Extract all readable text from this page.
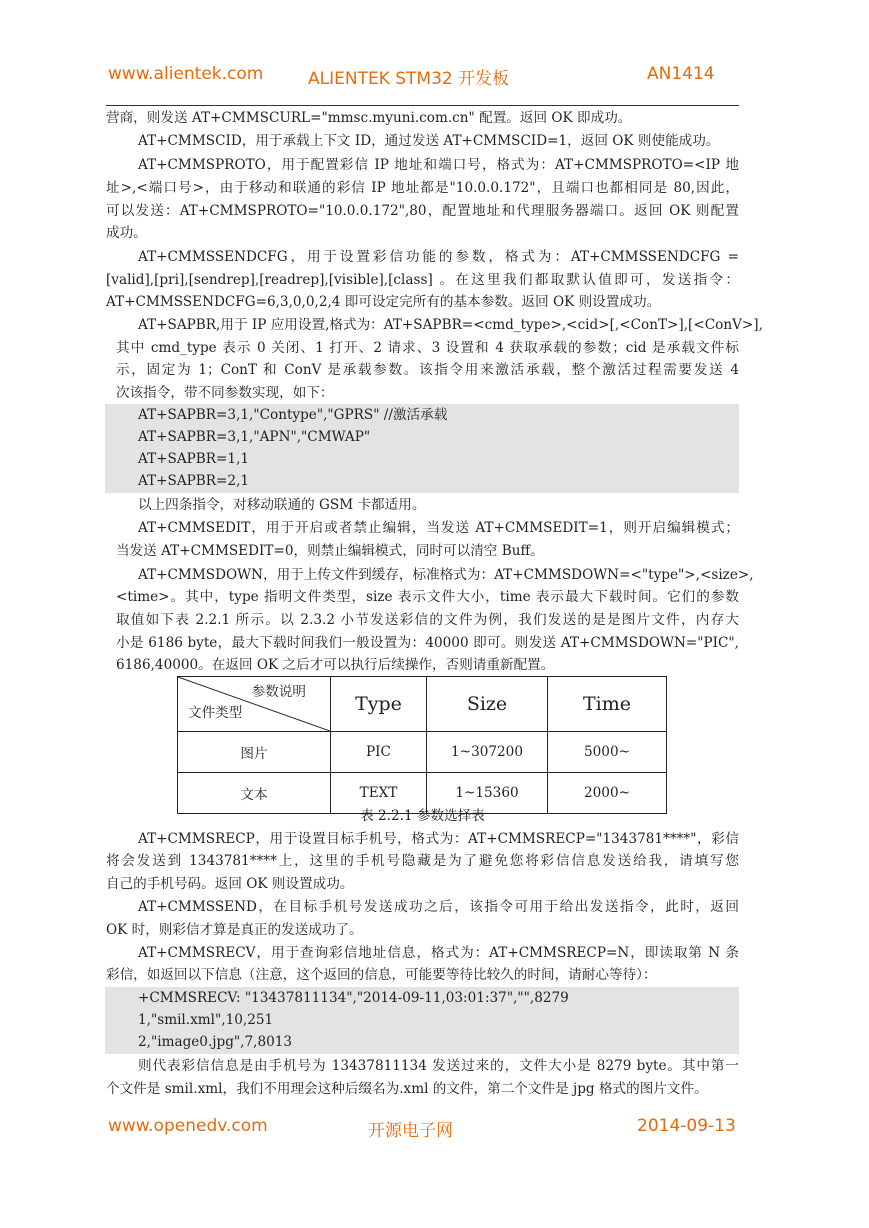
www.alientek.com	ALIENTEK STM32 开发板	AN1414
营商，则发送 AT+CMMSCURL="mmsc.myuni.com.cn" 配置。返回 OK 即成功。
AT+CMMSCID，用于承载上下文 ID，通过发送 AT+CMMSCID=1，返回 OK 则使能成功。
AT+CMMSPROTO，用于配置彩信 IP 地址和端口号，格式为：AT+CMMSPROTO=<IP 地
址>,<端口号>，由于移动和联通的彩信 IP 地址都是"10.0.0.172"，且端口也都相同是 80,因此，
可以发送：AT+CMMSPROTO="10.0.0.172",80，配置地址和代理服务器端口。返回 OK 则配置
成功。
AT+CMMSSENDCFG，用于设置彩信功能的参数，格式为：AT+CMMSSENDCFG =
[valid],[pri],[sendrep],[readrep],[visible],[class] 。在这里我们都取默认值即可，发送指令：
AT+CMMSSENDCFG=6,3,0,0,2,4 即可设定完所有的基本参数。返回 OK 则设置成功。
AT+SAPBR,用于 IP 应用设置,格式为：AT+SAPBR=<cmd_type>,<cid>[,<ConT>],[<ConV>],
其中 cmd_type 表示 0 关闭、1 打开、2 请求、3 设置和 4 获取承载的参数；cid 是承载文件标
示，固定为 1；ConT 和 ConV 是承载参数。该指令用来激活承载，整个激活过程需要发送 4
次该指令，带不同参数实现，如下：
AT+SAPBR=3,1,"Contype","GPRS" //激活承载
AT+SAPBR=3,1,"APN","CMWAP"
AT+SAPBR=1,1
AT+SAPBR=2,1
以上四条指令，对移动联通的 GSM 卡都适用。
AT+CMMSEDIT，用于开启或者禁止编辑，当发送 AT+CMMSEDIT=1，则开启编辑模式；
当发送 AT+CMMSEDIT=0，则禁止编辑模式，同时可以清空 Buff。
AT+CMMSDOWN，用于上传文件到缓存，标准格式为：AT+CMMSDOWN=<"type">,<size>,
<time>。其中，type 指明文件类型，size 表示文件大小，time 表示最大下载时间。它们的参数
取值如下表 2.2.1 所示。以 2.3.2 小节发送彩信的文件为例，我们发送的是是图片文件，内存大
小是 6186 byte，最大下载时间我们一般设置为：40000 即可。则发送 AT+CMMSDOWN="PIC",
6186,40000。在返回 OK 之后才可以执行后续操作，否则请重新配置。
参数说明
文件类型	Type	Size	Time
图片	PIC	1~307200	5000~
文本	TEXT	1~15360	2000~
表 2.2.1 参数选择表
AT+CMMSRECP，用于设置目标手机号，格式为：AT+CMMSRECP="1343781****"，彩信
将会发送到 1343781****上，这里的手机号隐藏是为了避免您将彩信信息发送给我，请填写您
自己的手机号码。返回 OK 则设置成功。
AT+CMMSSEND，在目标手机号发送成功之后，该指令可用于给出发送指令，此时，返回
OK 时，则彩信才算是真正的发送成功了。
AT+CMMSRECV，用于查询彩信地址信息，格式为：AT+CMMSRECP=N，即读取第 N 条
彩信，如返回以下信息（注意，这个返回的信息，可能要等待比较久的时间，请耐心等待）：
+CMMSRECV: "13437811134","2014-09-11,03:01:37","",8279
1,"smil.xml",10,251
2,"image0.jpg",7,8013
则代表彩信信息是由手机号为 13437811134 发送过来的，文件大小是 8279 byte。其中第一
个文件是 smil.xml，我们不用理会这种后缀名为.xml 的文件，第二个文件是 jpg 格式的图片文件。
www.openedv.com	开源电子网	2014-09-13
